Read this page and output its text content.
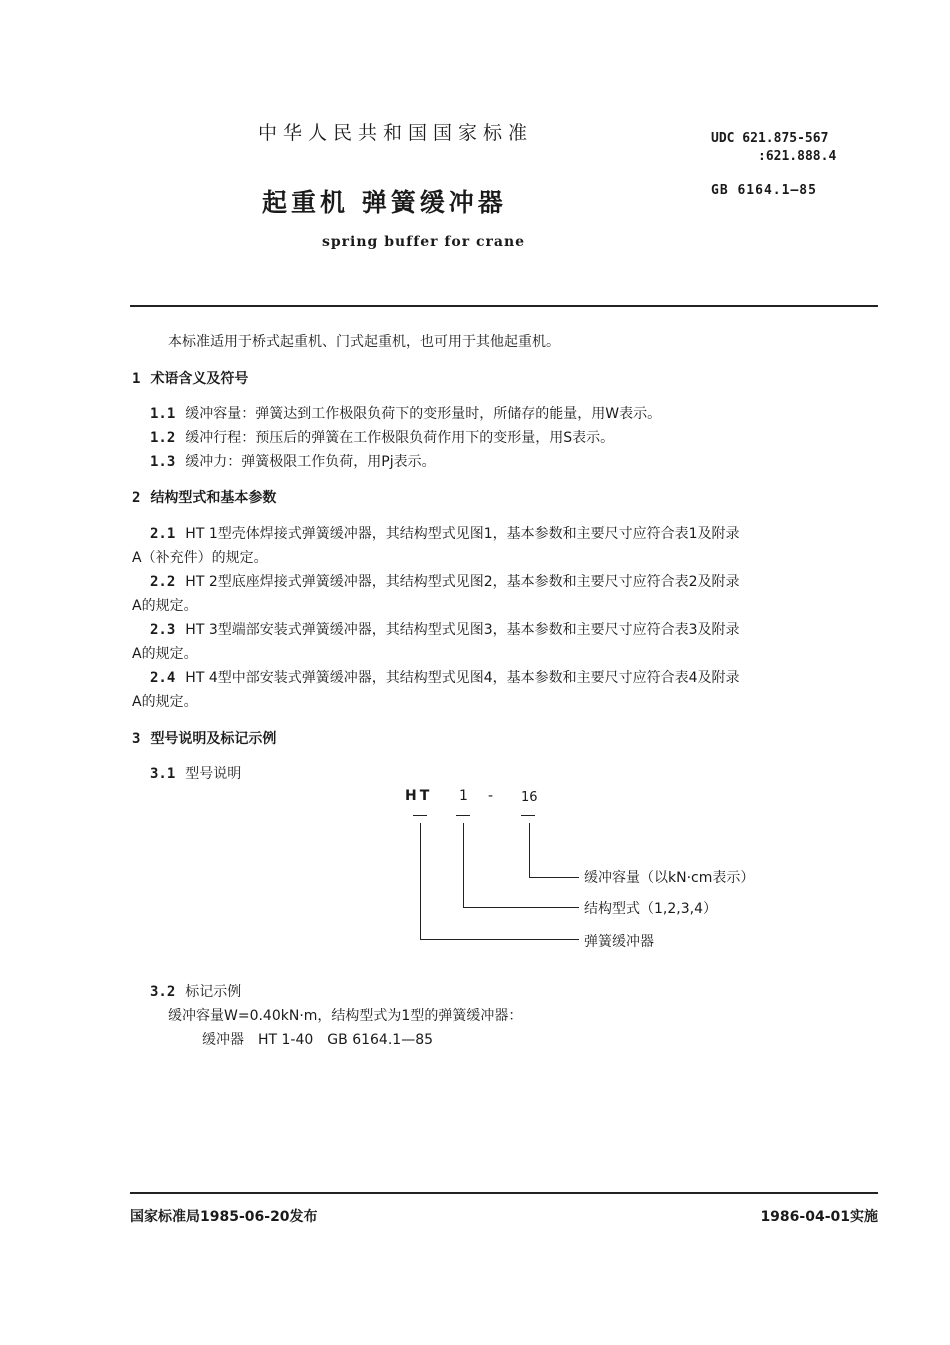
中华人民共和国国家标准
起重机 弹簧缓冲器
spring buffer for crane
UDC 621.875-567
:621.888.4
GB 6164.1—85
本标准适用于桥式起重机、门式起重机，也可用于其他起重机。
1 术语含义及符号
1.1 缓冲容量：弹簧达到工作极限负荷下的变形量时，所储存的能量，用W表示。
1.2 缓冲行程：预压后的弹簧在工作极限负荷作用下的变形量，用S表示。
1.3 缓冲力：弹簧极限工作负荷，用Pj表示。
2 结构型式和基本参数
2.1 HT 1型壳体焊接式弹簧缓冲器，其结构型式见图1，基本参数和主要尺寸应符合表1及附录
A（补充件）的规定。
2.2 HT 2型底座焊接式弹簧缓冲器，其结构型式见图2，基本参数和主要尺寸应符合表2及附录
A的规定。
2.3 HT 3型端部安装式弹簧缓冲器，其结构型式见图3，基本参数和主要尺寸应符合表3及附录
A的规定。
2.4 HT 4型中部安装式弹簧缓冲器，其结构型式见图4，基本参数和主要尺寸应符合表4及附录
A的规定。
3 型号说明及标记示例
3.1 型号说明
HT 1 - 16
缓冲容量（以kN·cm表示）
结构型式（1,2,3,4）
弹簧缓冲器
3.2 标记示例
缓冲容量W=0.40kN·m，结构型式为1型的弹簧缓冲器：
缓冲器　HT 1-40　GB 6164.1—85
国家标准局1985-06-20发布	1986-04-01实施
